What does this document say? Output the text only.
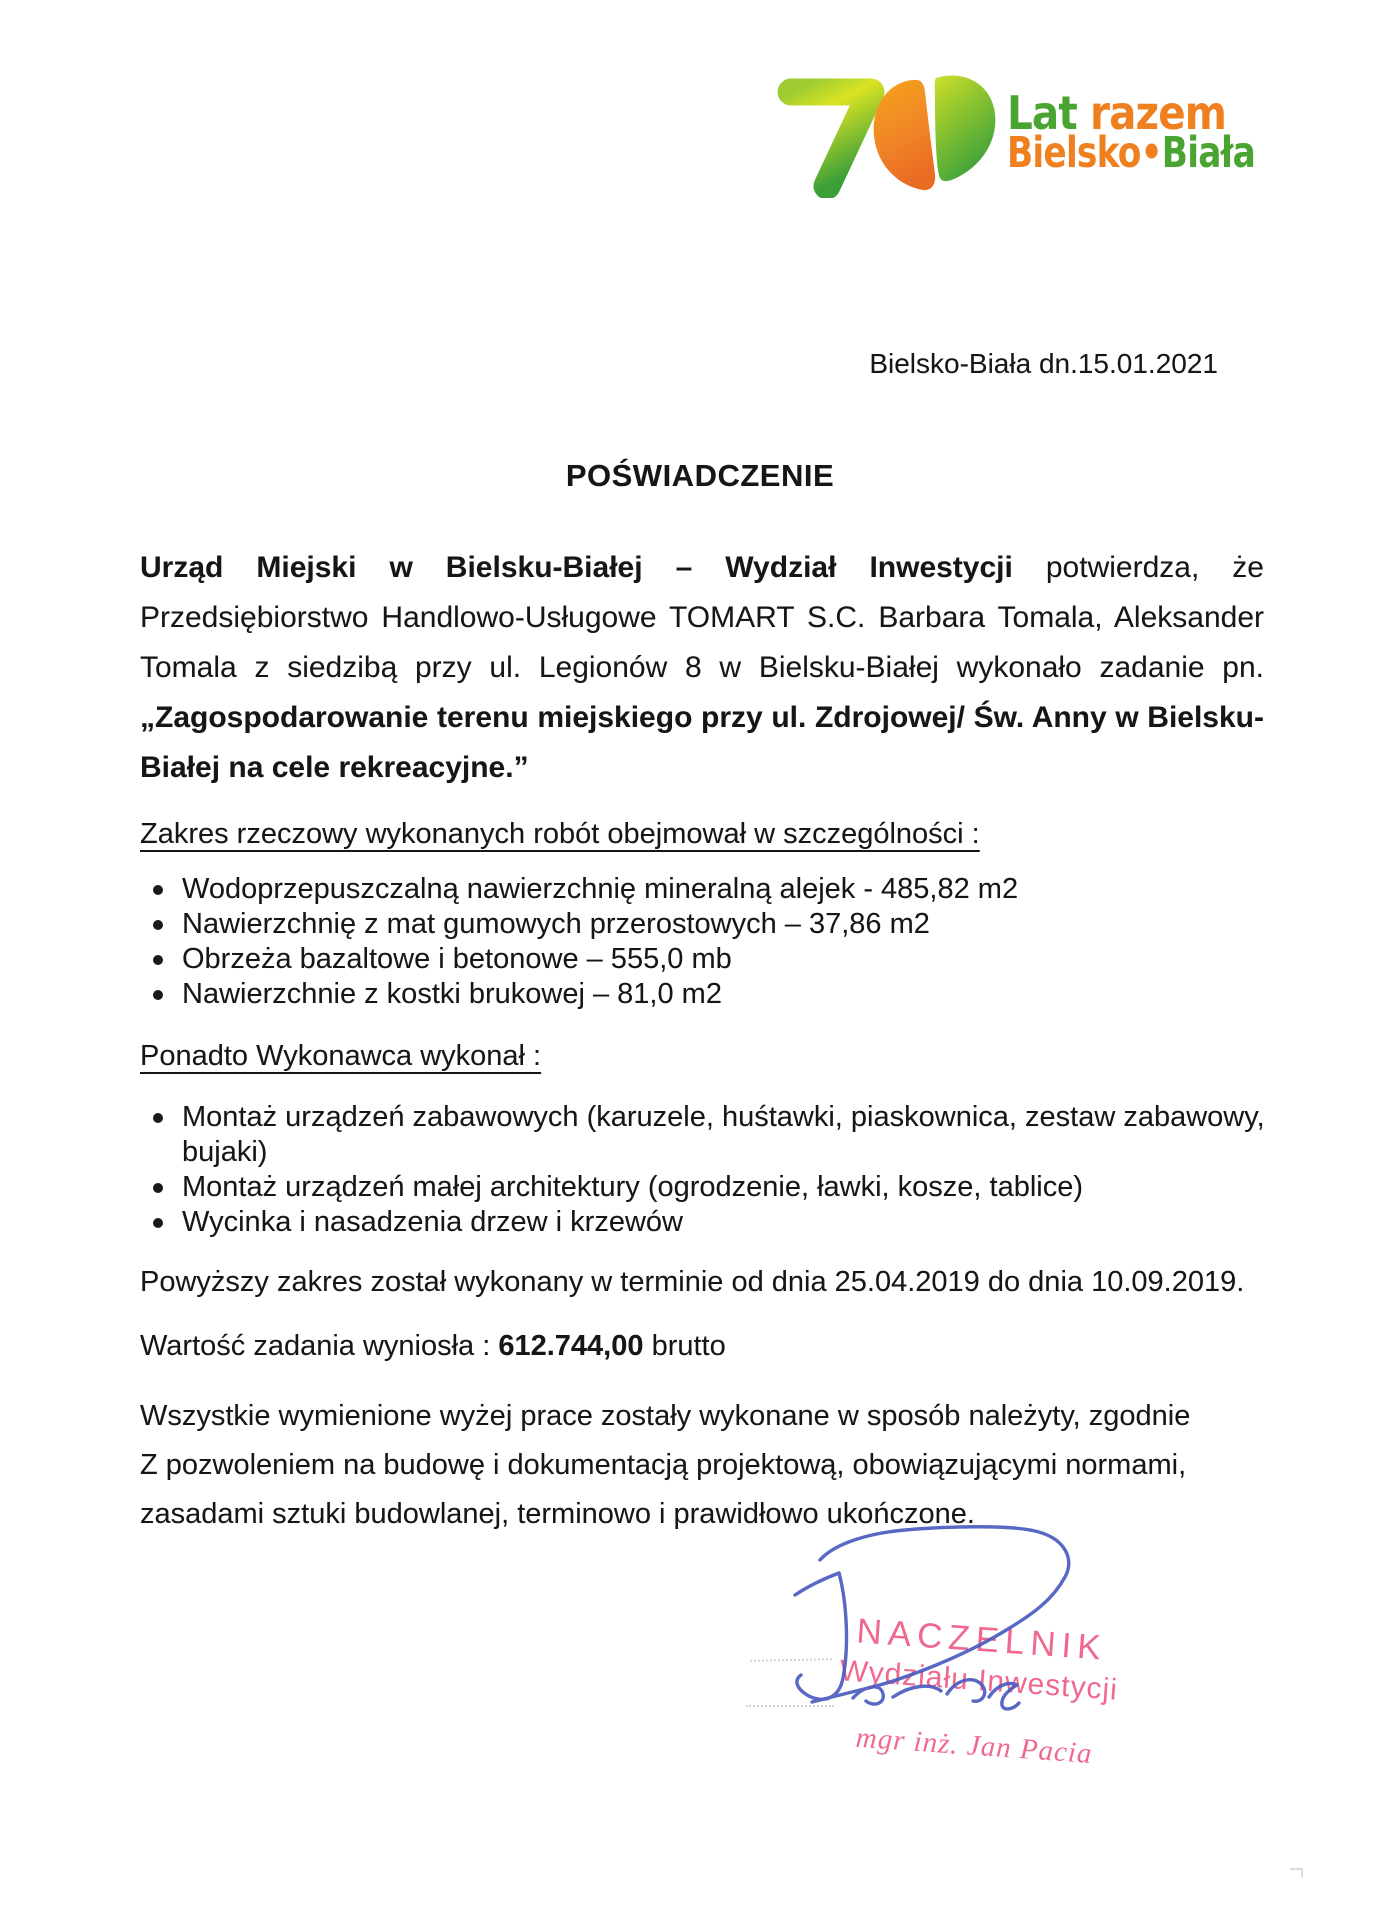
Lat razem
Bielsko•Biała
Bielsko-Biała dn.15.01.2021
POŚWIADCZENIE

Urząd Miejski w Bielsku-Białej – Wydział Inwestycji potwierdza, że Przedsiębiorstwo Handlowo-Usługowe TOMART S.C. Barbara Tomala, Aleksander Tomala z siedzibą przy ul. Legionów 8 w Bielsku-Białej wykonało zadanie pn. „Zagospodarowanie terenu miejskiego przy ul. Zdrojowej/ Św. Anny w Bielsku-Białej na cele rekreacyjne.”

Zakres rzeczowy wykonanych robót obejmował w szczególności :
Wodoprzepuszczalną nawierzchnię mineralną alejek - 485,82 m2
Nawierzchnię z mat gumowych przerostowych – 37,86 m2
Obrzeża bazaltowe i betonowe – 555,0 mb
Nawierzchnie z kostki brukowej – 81,0 m2
Ponadto Wykonawca wykonał :
Montaż urządzeń zabawowych (karuzele, huśtawki, piaskownica, zestaw zabawowy, bujaki)
Montaż urządzeń małej architektury (ogrodzenie, ławki, kosze, tablice)
Wycinka i nasadzenia drzew i krzewów

Powyższy zakres został wykonany w terminie od dnia 25.04.2019 do dnia 10.09.2019.

Wartość zadania wyniosła : 612.744,00 brutto

Wszystkie wymienione wyżej prace zostały wykonane w sposób należyty, zgodnie
Z pozwoleniem na budowę i dokumentacją projektową, obowiązującymi normami,
zasadami sztuki budowlanej, terminowo i prawidłowo ukończone.
NACZELNIK
Wydziału Inwestycji
mgr inż. Jan Pacia
